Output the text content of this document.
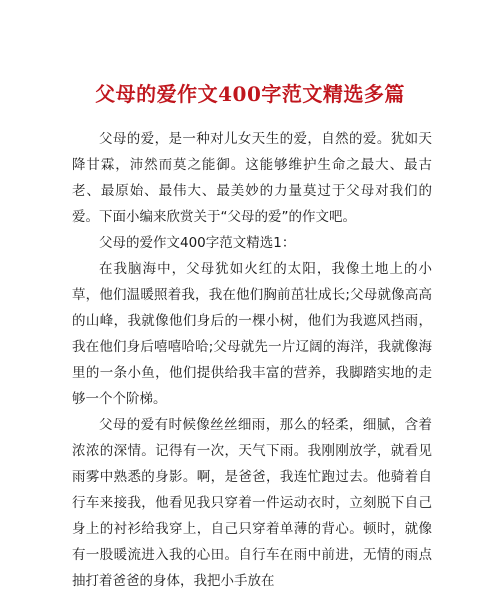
父母的爱作文400字范文精选多篇

父母的爱，是一种对儿女天生的爱，自然的爱。犹如天降甘霖，沛然而莫之能御。这能够维护生命之最大、最古老、最原始、最伟大、最美妙的力量莫过于父母对我们的爱。下面小编来欣赏关于“父母的爱”的作文吧。

父母的爱作文400字范文精选1：

在我脑海中，父母犹如火红的太阳，我像土地上的小草，他们温暖照着我，我在他们胸前茁壮成长;父母就像高高的山峰，我就像他们身后的一棵小树，他们为我遮风挡雨，我在他们身后嘻嘻哈哈;父母就先一片辽阔的海洋，我就像海里的一条小鱼，他们提供给我丰富的营养，我脚踏实地的走够一个个阶梯。

父母的爱有时候像丝丝细雨，那么的轻柔，细腻，含着浓浓的深情。记得有一次，天气下雨。我刚刚放学，就看见雨雾中熟悉的身影。啊，是爸爸，我连忙跑过去。他骑着自行车来接我，他看见我只穿着一件运动衣时，立刻脱下自己身上的衬衫给我穿上，自己只穿着单薄的背心。顿时，就像有一股暖流进入我的心田。自行车在雨中前进，无情的雨点抽打着爸爸的身体，我把小手放在
